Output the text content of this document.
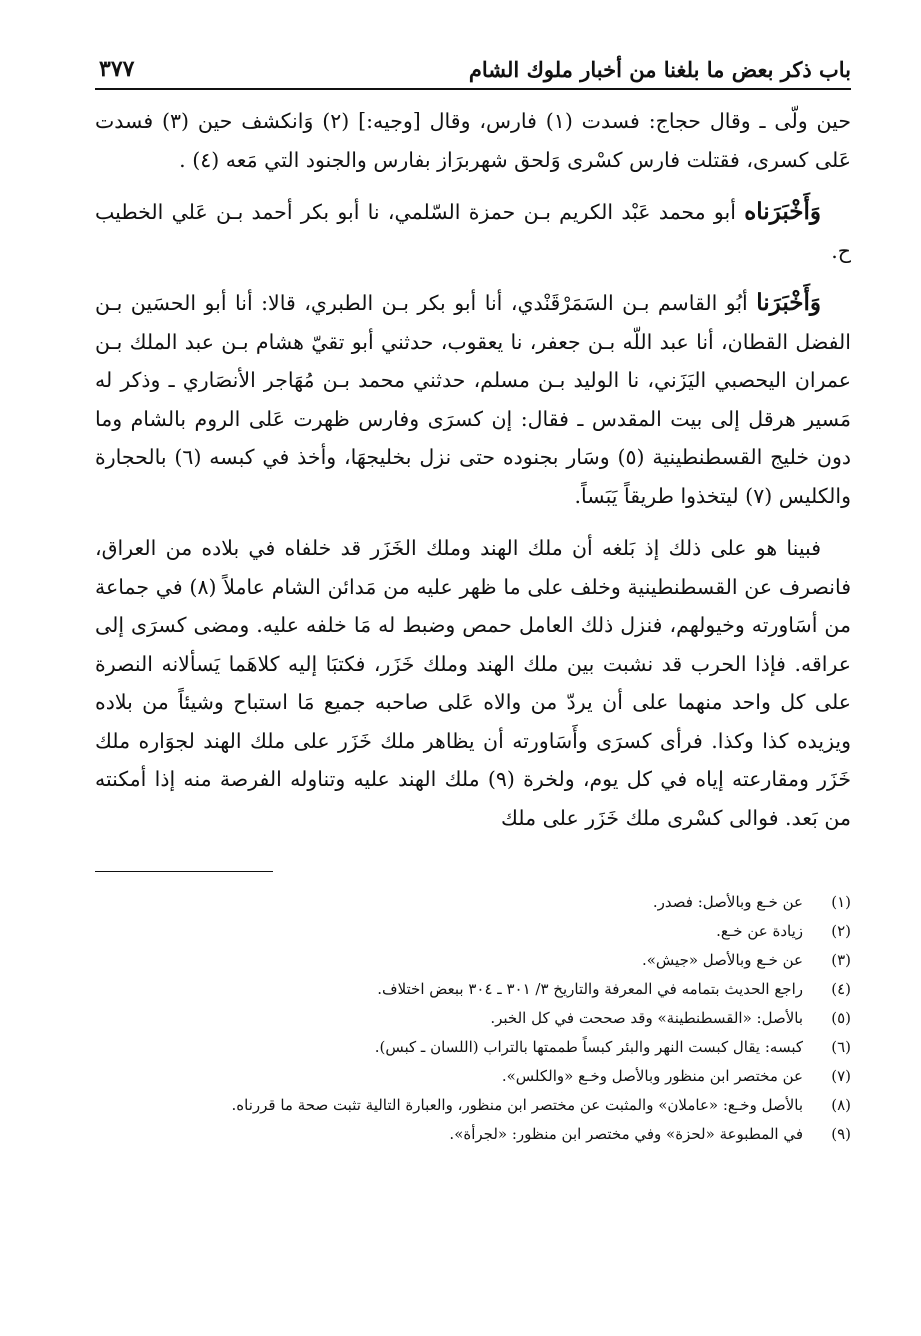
باب ذكر بعض ما بلغنا من أخبار ملوك الشام
٣٧٧

حين ولّى ـ وقال حجاج: فسدت (١) فارس، وقال [وجيه:] (٢) وَانكشف حين (٣) فسدت عَلى كسرى، فقتلت فارس كسْرى وَلحق شهربرَاز بفارس والجنود التي مَعه (٤) .

وَأَخْبَرَناه أبو محمد عَبْد الكريم بـن حمزة السّلمي، نا أبو بكر أحمد بـن عَلي الخطيب ح.

وَأَخْبَرَنا أبُو القاسم بـن السَمَرْقَنْدي، أنا أبو بكر بـن الطبري، قالا: أنا أبو الحسَين بـن الفضل القطان، أنا عبد اللّه بـن جعفر، نا يعقوب، حدثني أبو تقيّ هشام بـن عبد الملك بـن عمران اليحصبي اليَزَني، نا الوليد بـن مسلم، حدثني محمد بـن مُهَاجر الأنصَاري ـ وذكر له مَسير هرقل إلى بيت المقدس ـ فقال: إن كسرَى وفارس ظهرت عَلى الروم بالشام وما دون خليج القسطنطينية (٥) وسَار بجنوده حتى نزل بخليجهَا، وأخذ في كبسه (٦) بالحجارة والكليس (٧) ليتخذوا طريقاً يَبَساً.

فبينا هو على ذلك إذ بَلغه أن ملك الهند وملك الخَزَر قد خلفاه في بلاده من العراق، فانصرف عن القسطنطينية وخلف على ما ظهر عليه من مَدائن الشام عاملاً (٨) في جماعة من أسَاورته وخيولهم، فنزل ذلك العامل حمص وضبط له مَا خلفه عليه. ومضى كسرَى إلى عراقه. فإذا الحرب قد نشبت بين ملك الهند وملك خَزَر، فكتبَا إليه كلاهَما يَسألانه النصرة على كل واحد منهما على أن يردّ من والاه عَلى صاحبه جميع مَا استباح وشيئاً من بلاده ويزيده كذا وكذا. فرأى كسرَى وأَسَاورته أن يظاهر ملك خَزَر على ملك الهند لجوَاره ملك خَزَر ومقارعته إياه في كل يوم، ولخرة (٩) ملك الهند عليه وتناوله الفرصة منه إذا أمكنته من بَعد. فوالى كسْرى ملك خَزَر على ملك

(١)
عن خـع وبالأصل: فصدر.
(٢)
زيادة عن خـع.
(٣)
عن خـع وبالأصل «جيش».
(٤)
راجع الحديث بتمامه في المعرفة والتاريخ ٣/ ٣٠١ ـ ٣٠٤ ببعض اختلاف.
(٥)
بالأصل: «القسطنطينة» وقد صححت في كل الخبر.
(٦)
كبسه: يقال كبست النهر والبئر كبساً طممتها بالتراب (اللسان ـ كبس).
(٧)
عن مختصر ابن منظور وبالأصل وخـع «والكلس».
(٨)
بالأصل وخـع: «عاملان» والمثبت عن مختصر ابن منظور، والعبارة التالية تثبت صحة ما قررناه.
(٩)
في المطبوعة «لحزة» وفي مختصر ابن منظور: «لجرأة».
